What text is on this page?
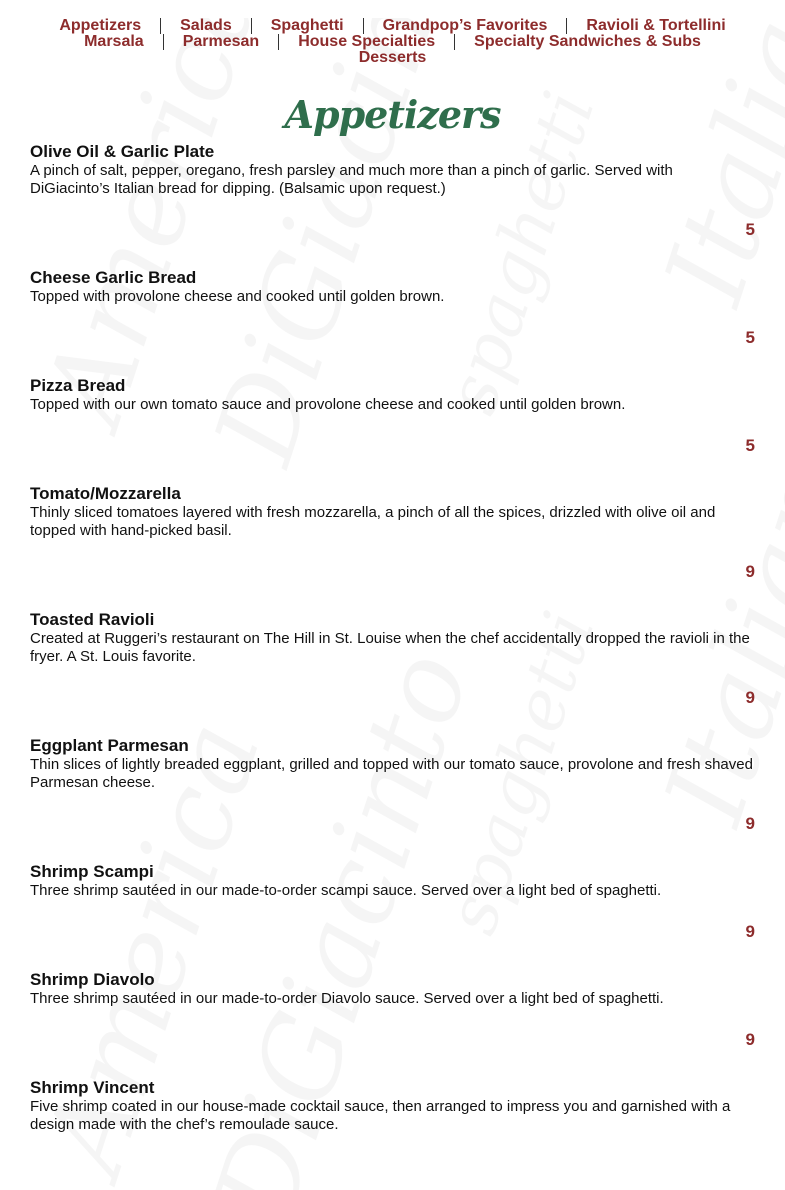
Appetizers	Salads	Spaghetti	Grandpop’s Favorites	Ravioli & Tortellini
Marsala	Parmesan	House Specialties	Specialty Sandwiches & Subs
Desserts
Appetizers
Olive Oil & Garlic Plate
A pinch of salt, pepper, oregano, fresh parsley and much more than a pinch of garlic. Served with DiGiacinto’s Italian bread for dipping. (Balsamic upon request.)
5
Cheese Garlic Bread
Topped with provolone cheese and cooked until golden brown.
5
Pizza Bread
Topped with our own tomato sauce and provolone cheese and cooked until golden brown.
5
Tomato/Mozzarella
Thinly sliced tomatoes layered with fresh mozzarella, a pinch of all the spices, drizzled with olive oil and topped with hand-picked basil.
9
Toasted Ravioli
Created at Ruggeri’s restaurant on The Hill in St. Louise when the chef accidentally dropped the ravioli in the fryer. A St. Louis favorite.
9
Eggplant Parmesan
Thin slices of lightly breaded eggplant, grilled and topped with our tomato sauce, provolone and fresh shaved Parmesan cheese.
9
Shrimp Scampi
Three shrimp sautéed in our made-to-order scampi sauce. Served over a light bed of spaghetti.
9
Shrimp Diavolo
Three shrimp sautéed in our made-to-order Diavolo sauce. Served over a light bed of spaghetti.
9
Shrimp Vincent
Five shrimp coated in our house-made cocktail sauce, then arranged to impress you and garnished with a design made with the chef’s remoulade sauce.
